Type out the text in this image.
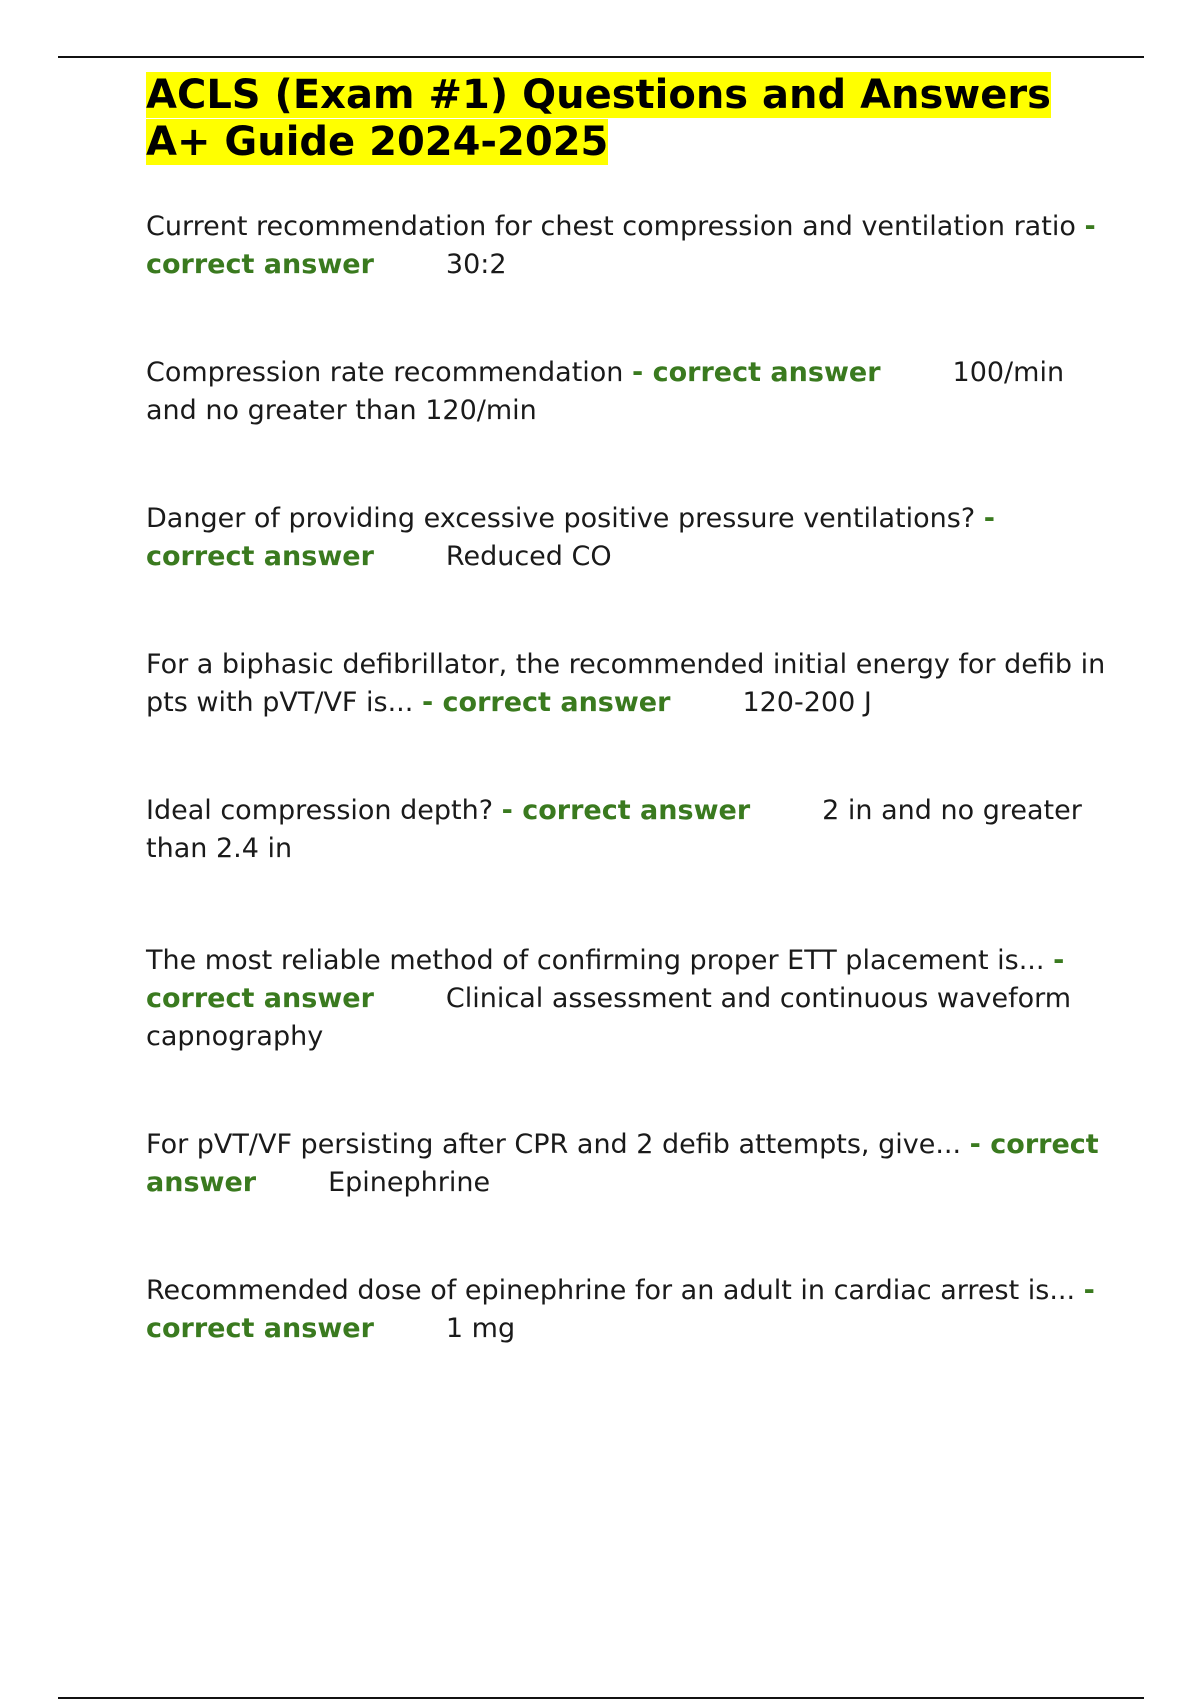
ACLS (Exam #1) Questions and Answers
A+ Guide 2024-2025

Current recommendation for chest compression and ventilation ratio - correct answer	30:2

Compression rate recommendation - correct answer	100/min and no greater than 120/min

Danger of providing excessive positive pressure ventilations? - correct answer	Reduced CO

For a biphasic defibrillator, the recommended initial energy for defib in pts with pVT/VF is... - correct answer	120-200 J

Ideal compression depth? - correct answer	2 in and no greater than 2.4 in

The most reliable method of confirming proper ETT placement is... - correct answer	Clinical assessment and continuous waveform capnography

For pVT/VF persisting after CPR and 2 defib attempts, give... - correct answer	Epinephrine

Recommended dose of epinephrine for an adult in cardiac arrest is... - correct answer	1 mg
